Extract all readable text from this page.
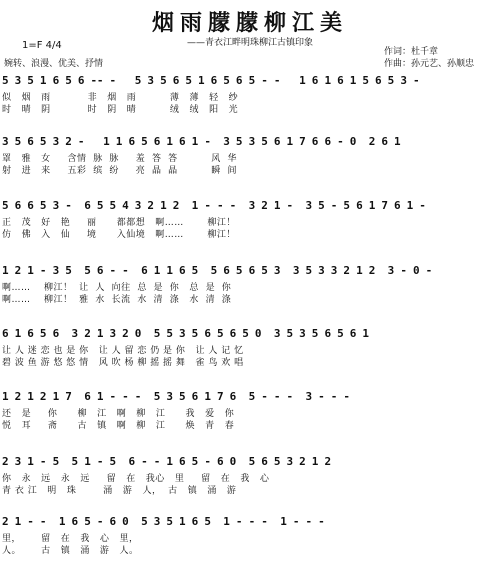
烟雨朦朦柳江美
——青衣江畔明珠柳江古镇印象
1=F 4/4
婉转、浪漫、优美、抒情
作词：杜千章
作曲：孙元艺、孙顺忠
5 3 5 1 6 5 6 -- -   5 3 5 6 5 1 6 5 6 5 - -   1 6 1 6 1 5 6 5 3 -
似   烟   雨           非   烟   雨          薄   薄   轻   纱
时   晴   阴           时   阴   晴          绒   绒   阳   光
3 5 6 5 3 2 -   1 1 6 5 6 1 6 1 -  3 5 3 5 6 1 7 6 6 - 0  2 6 1
罩   雅   女     含情  脉  脉     羞  答  答          风  华
射   进   来     五彩  缤  纷     亮  晶  晶          瞬  间
5 6 6 5 3 -  6 5 5 4 3 2 1 2  1 - - -  3 2 1 -  3 5 - 5 6 1 7 6 1 -
正   茂   好   艳     丽      都都想   啊……       柳江！
仿   佛   入   仙     境      入仙境   啊……       柳江！
1 2 1 - 3 5  5 6 - -  6 1 1 6 5  5 6 5 6 5 3  3 5 3 3 2 1 2  3 - 0 -
啊……    柳江！  让  人  向往  总  是  你   总  是  你
啊……    柳江！  雅  水  长流  水  清  涤   水  清  涤
6 1 6 5 6  3 2 1 3 2 0  5 5 3 5 6 5 6 5 0  3 5 3 5 6 5 6 1
让 人 迷 恋 也 是 你   让 人 留 恋 仍 是 你   让 人 记 忆
碧 波 鱼 游 悠 悠 情   风 吹 杨 柳 摇 摇 舞   雀 鸟 欢 唱
1 2 1 2 1 7  6 1 - - -  5 3 5 6 1 7 6  5 - - -  3 - - -
还   是     你      柳   江   啊   柳   江      我   爱   你
悦   耳     斋      古   镇   啊   柳   江      焕   青   春
2 3 1 - 5  5 1 - 5  6 - - 1 6 5 - 6 0  5 6 5 3 2 1 2
你   永   远   永   远     留   在   我心   里     留   在   我   心
青 衣 江   明   珠        涌   游   人，  古   镇   涌   游
2 1 - -  1 6 5 - 6 0  5 3 5 1 6 5  1 - - -  1 - - -
里，      留   在   我   心   里，
人。      古   镇   涌   游   人。
